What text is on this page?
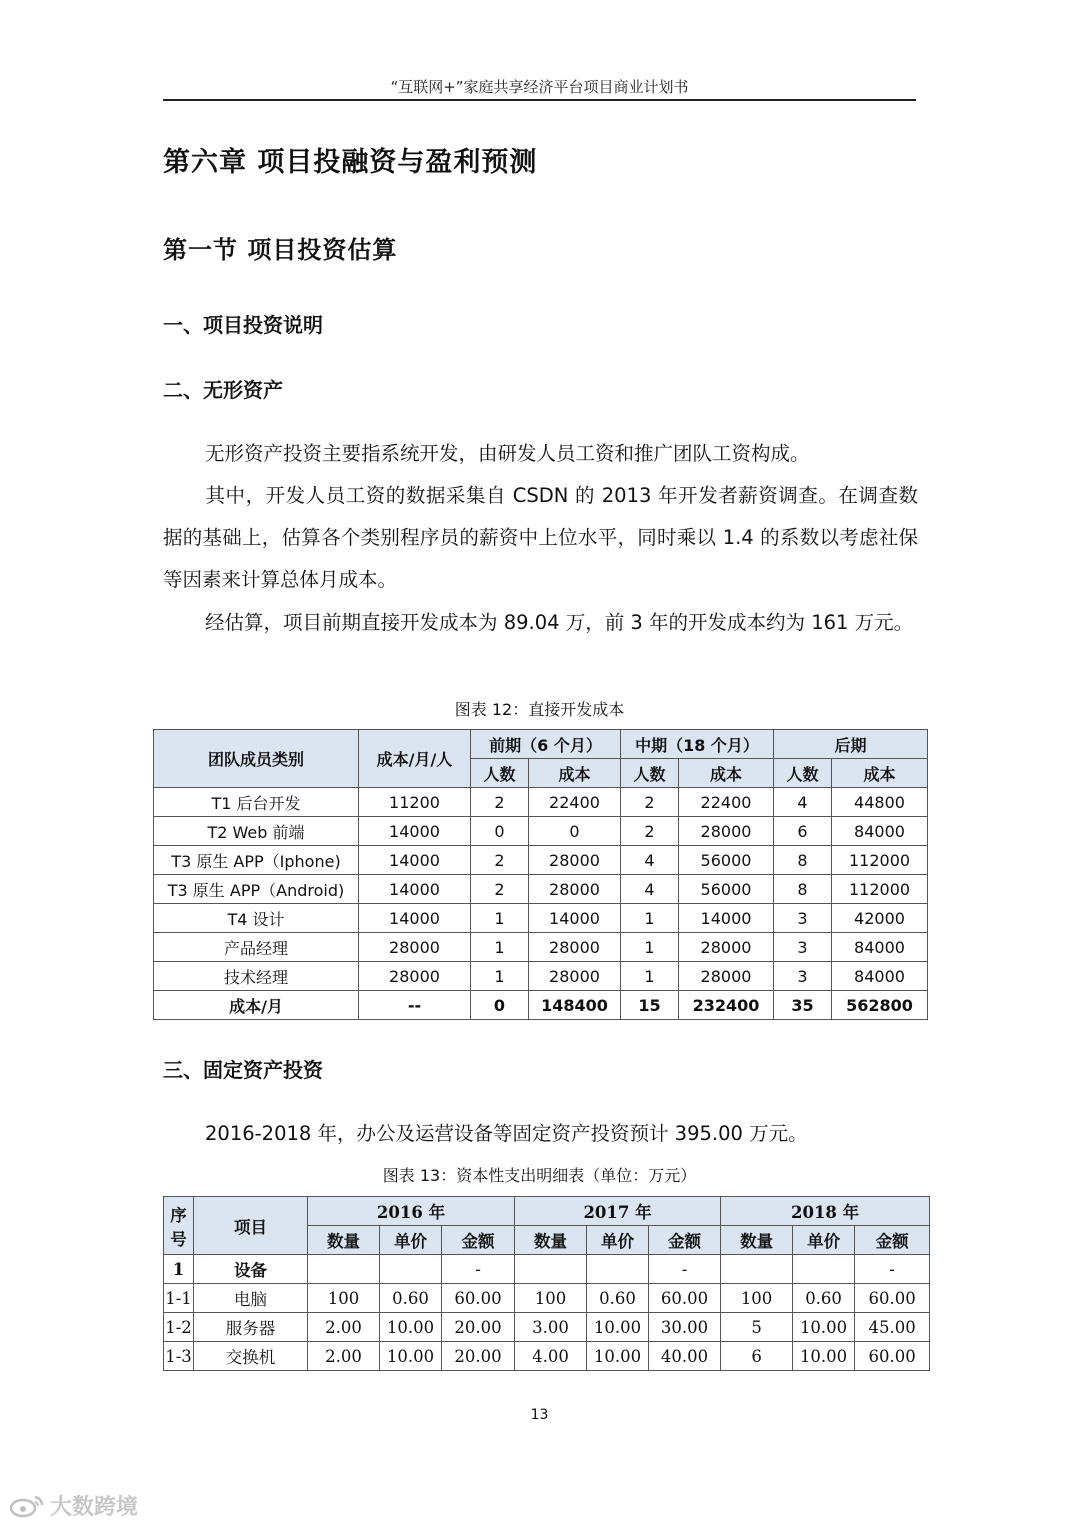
“互联网+”家庭共享经济平台项目商业计划书
第六章 项目投融资与盈利预测
第一节 项目投资估算
一、项目投资说明
二、无形资产
无形资产投资主要指系统开发，由研发人员工资和推广团队工资构成。
其中，开发人员工资的数据采集自 CSDN 的 2013 年开发者薪资调查。在调查数据的基础上，估算各个类别程序员的薪资中上位水平，同时乘以 1.4 的系数以考虑社保等因素来计算总体月成本。
经估算，项目前期直接开发成本为 89.04 万，前 3 年的开发成本约为 161 万元。
图表 12：直接开发成本
团队成员类别	成本/月/人	前期（6 个月）		中期（18 个月）		后期	
		人数	成本	人数	成本	人数	成本
T1 后台开发	11200	2	22400	2	22400	4	44800
T2 Web 前端	14000	0	0	2	28000	6	84000
T3 原生 APP（Iphone)	14000	2	28000	4	56000	8	112000
T3 原生 APP（Android)	14000	2	28000	4	56000	8	112000
T4 设计	14000	1	14000	1	14000	3	42000
产品经理	28000	1	28000	1	28000	3	84000
技术经理	28000	1	28000	1	28000	3	84000
成本/月	--	0	148400	15	232400	35	562800
三、固定资产投资
2016-2018 年，办公及运营设备等固定资产投资预计 395.00 万元。
图表 13：资本性支出明细表（单位：万元）
序号	项目	2016 年			2017 年			2018 年		
		数量	单价	金额	数量	单价	金额	数量	单价	金额
1	设备			-			-			-
1-1	电脑	100	0.60	60.00	100	0.60	60.00	100	0.60	60.00
1-2	服务器	2.00	10.00	20.00	3.00	10.00	30.00	5	10.00	45.00
1-3	交换机	2.00	10.00	20.00	4.00	10.00	40.00	6	10.00	60.00
13
大数跨境
